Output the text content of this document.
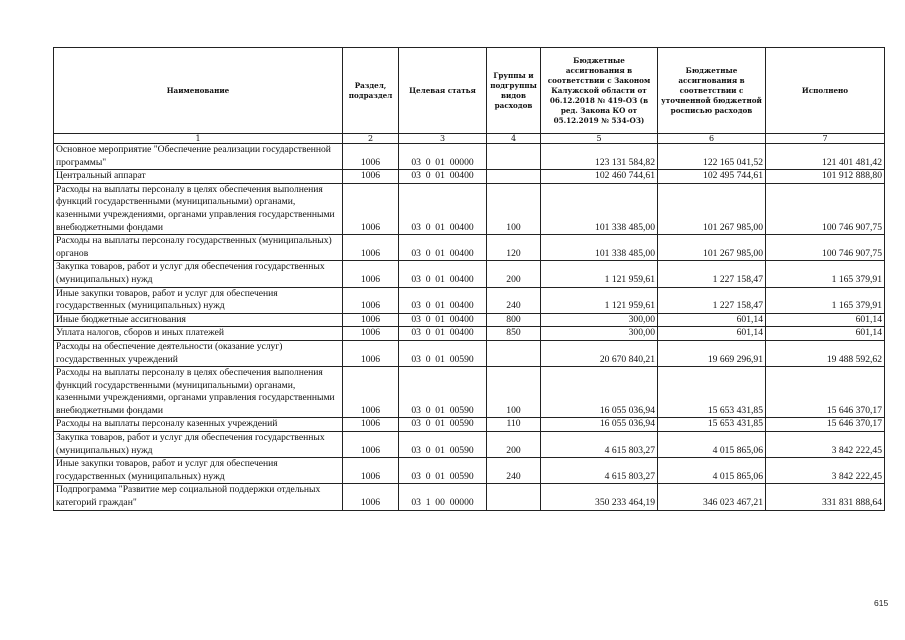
Наименование	Раздел, подраздел	Целевая статья	Группы и подгруппы видов расходов	Бюджетные ассигнования в соответствии с Законом Калужской области от 06.12.2018 № 419-ОЗ (в ред. Закона КО от 05.12.2019 № 534-ОЗ)	Бюджетные ассигнования в соответствии с уточненной бюджетной росписью расходов	Исполнено
1	2	3	4	5	6	7
Основное мероприятие "Обеспечение реализации государственной программы"	1006	03  0  01  00000		123 131 584,82	122 165 041,52	121 401 481,42
Центральный аппарат	1006	03  0  01  00400		102 460 744,61	102 495 744,61	101 912 888,80
Расходы на выплаты персоналу в целях обеспечения выполнения функций государственными (муниципальными) органами, казенными учреждениями, органами управления государственными внебюджетными фондами	1006	03  0  01  00400	100	101 338 485,00	101 267 985,00	100 746 907,75
Расходы на выплаты персоналу государственных (муниципальных) органов	1006	03  0  01  00400	120	101 338 485,00	101 267 985,00	100 746 907,75
Закупка товаров, работ и услуг для обеспечения государственных (муниципальных) нужд	1006	03  0  01  00400	200	1 121 959,61	1 227 158,47	1 165 379,91
Иные закупки товаров, работ и услуг для обеспечения государственных (муниципальных) нужд	1006	03  0  01  00400	240	1 121 959,61	1 227 158,47	1 165 379,91
Иные бюджетные ассигнования	1006	03  0  01  00400	800	300,00	601,14	601,14
Уплата налогов, сборов и иных платежей	1006	03  0  01  00400	850	300,00	601,14	601,14
Расходы на обеспечение деятельности (оказание услуг) государственных учреждений	1006	03  0  01  00590		20 670 840,21	19 669 296,91	19 488 592,62
Расходы на выплаты персоналу в целях обеспечения выполнения функций государственными (муниципальными) органами, казенными учреждениями, органами управления государственными внебюджетными фондами	1006	03  0  01  00590	100	16 055 036,94	15 653 431,85	15 646 370,17
Расходы на выплаты персоналу казенных учреждений	1006	03  0  01  00590	110	16 055 036,94	15 653 431,85	15 646 370,17
Закупка товаров, работ и услуг для обеспечения государственных (муниципальных) нужд	1006	03  0  01  00590	200	4 615 803,27	4 015 865,06	3 842 222,45
Иные закупки товаров, работ и услуг для обеспечения государственных (муниципальных) нужд	1006	03  0  01  00590	240	4 615 803,27	4 015 865,06	3 842 222,45
Подпрограмма "Развитие мер социальной поддержки отдельных категорий граждан"	1006	03  1  00  00000		350 233 464,19	346 023 467,21	331 831 888,64
615
